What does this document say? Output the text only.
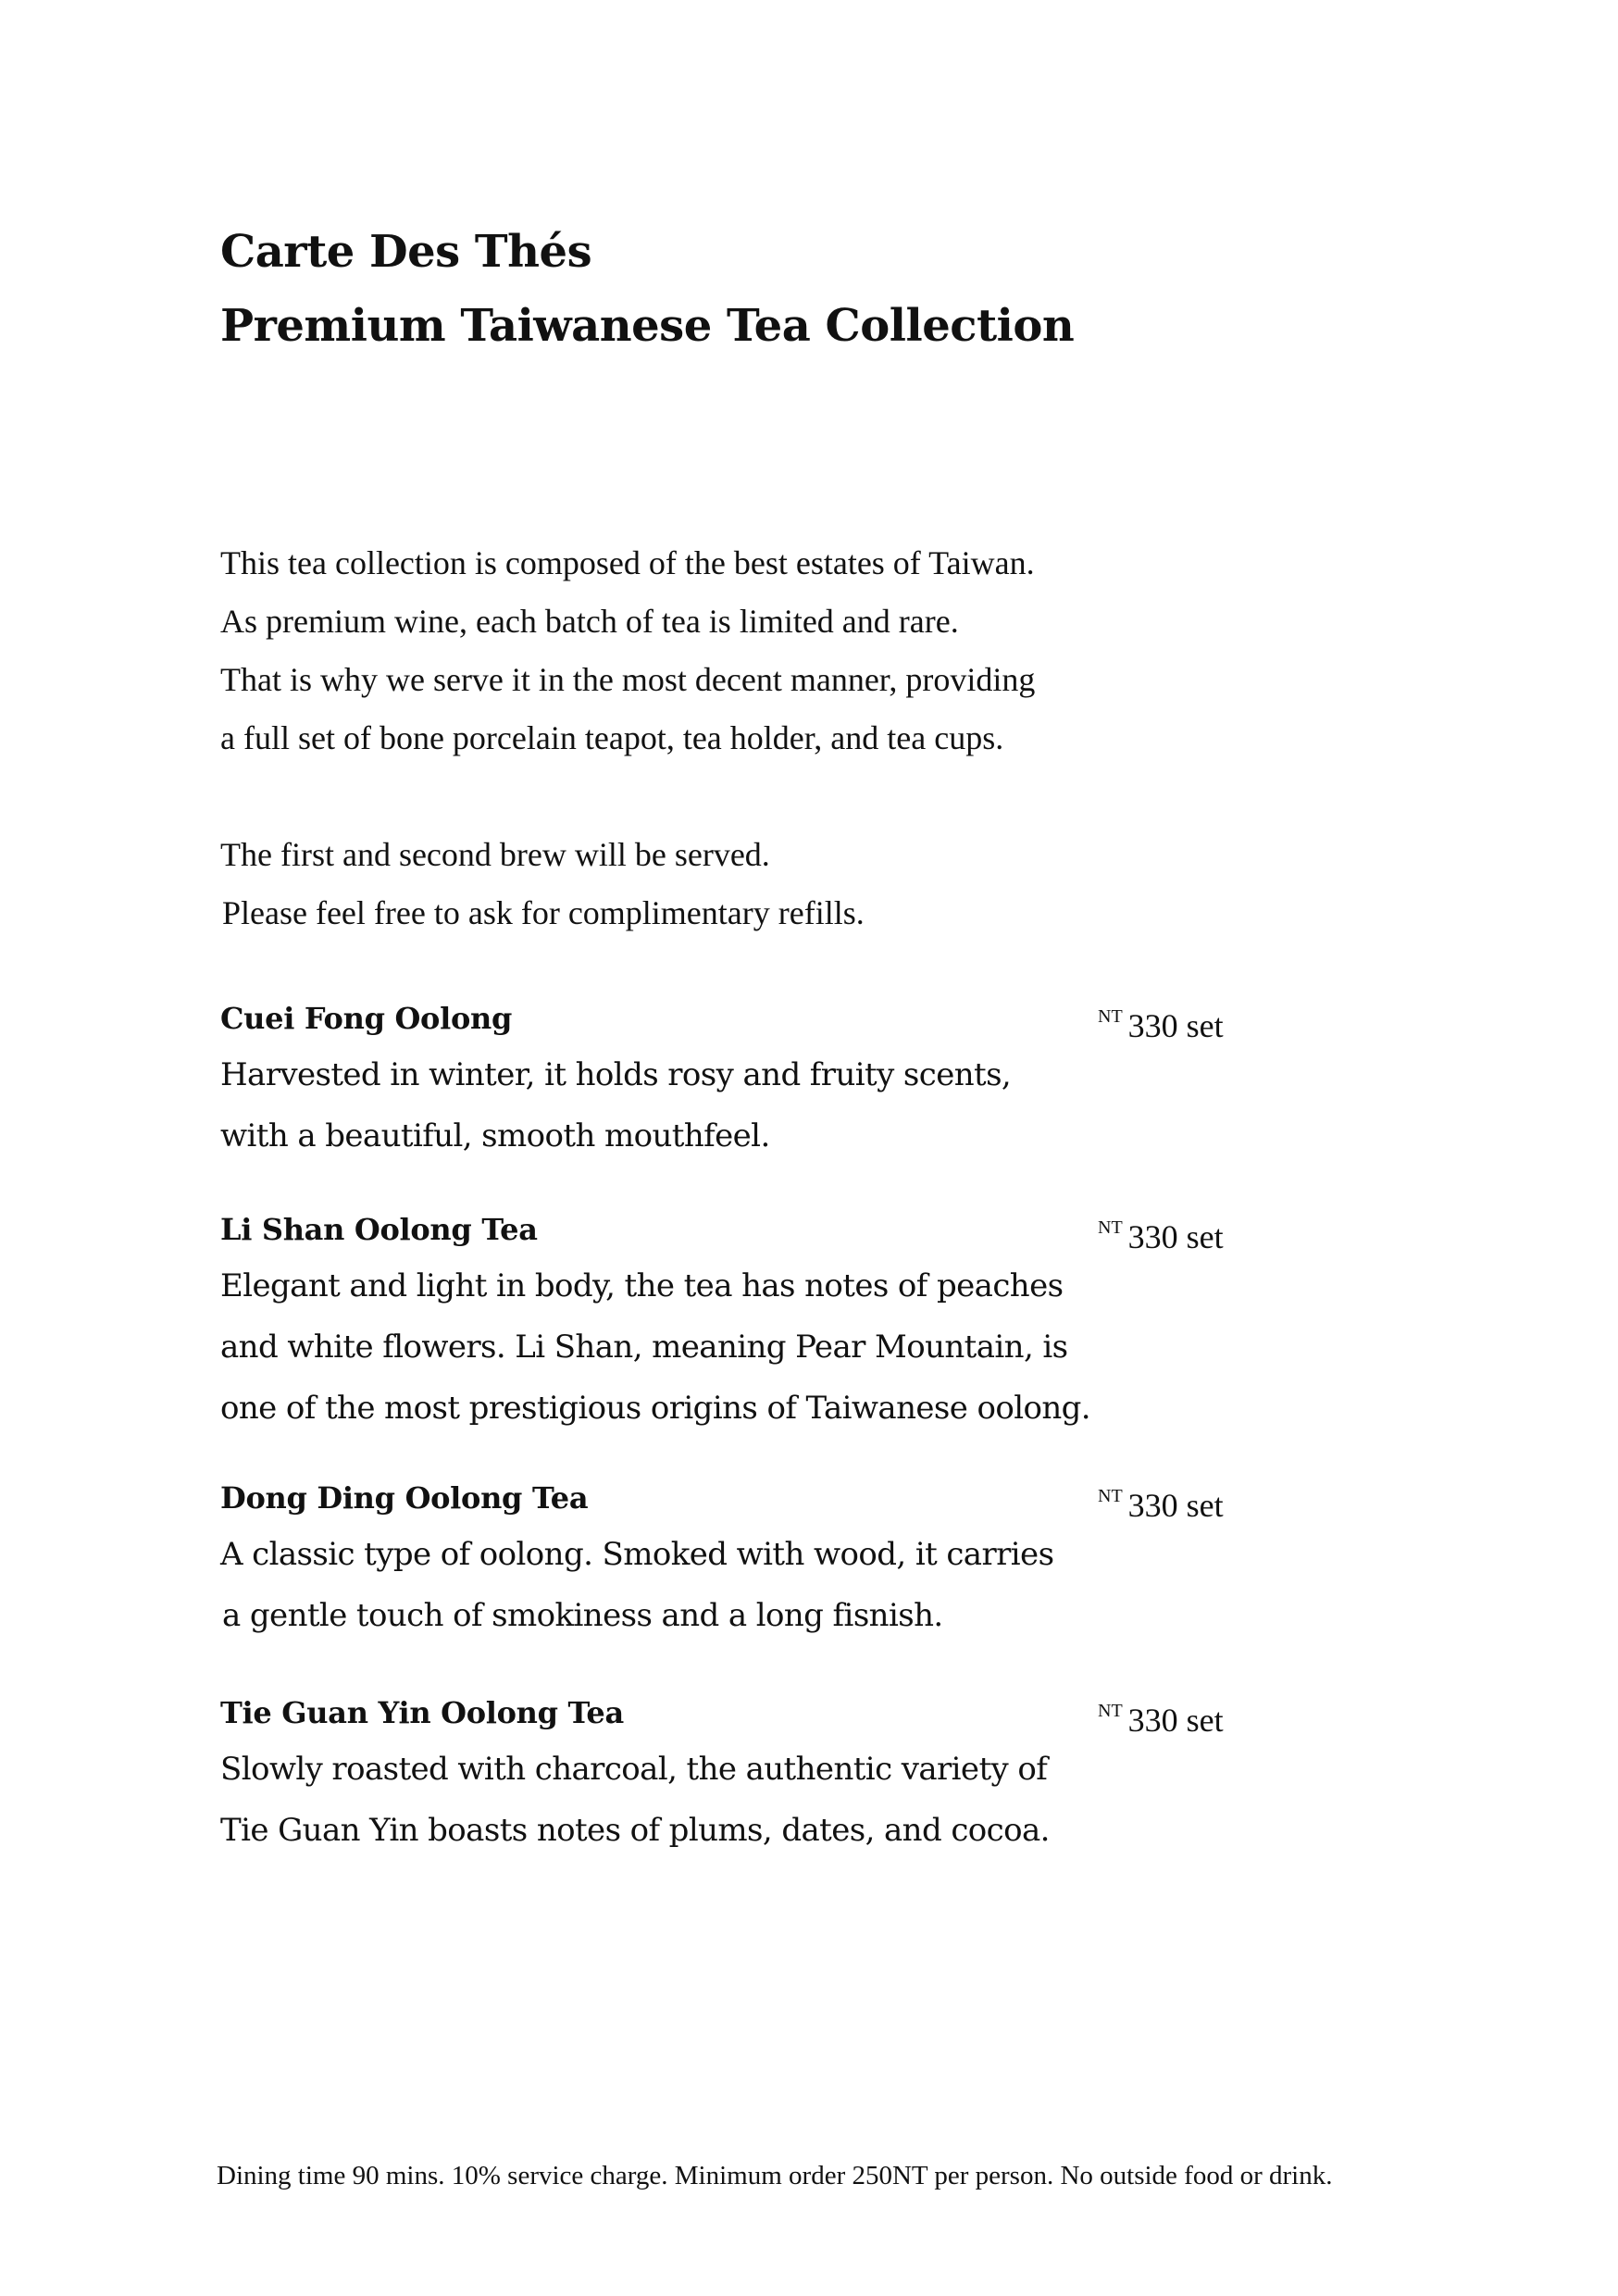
Carte Des Thés
Premium Taiwanese Tea Collection

This tea collection is composed of the best estates of Taiwan.

As premium wine, each batch of tea is limited and rare.

That is why we serve it in the most decent manner, providing

a full set of bone porcelain teapot, tea holder, and tea cups.

The first and second brew will be served.

Please feel free to ask for complimentary refills.

Cuei Fong Oolong	$^{NT}$ 330 set

Harvested in winter, it holds rosy and fruity scents,

with a beautiful, smooth mouthfeel.

Li Shan Oolong Tea	$^{NT}$ 330 set

Elegant and light in body, the tea has notes of peaches

and white flowers. Li Shan, meaning Pear Mountain, is

one of the most prestigious origins of Taiwanese oolong.

Dong Ding Oolong Tea	$^{NT}$ 330 set

A classic type of oolong. Smoked with wood, it carries

a gentle touch of smokiness and a long fisnish.

Tie Guan Yin Oolong Tea	$^{NT}$ 330 set

Slowly roasted with charcoal, the authentic variety of

Tie Guan Yin boasts notes of plums, dates, and cocoa.

Dining time 90 mins. 10% service charge. Minimum order 250NT per person. No outside food or drink.
